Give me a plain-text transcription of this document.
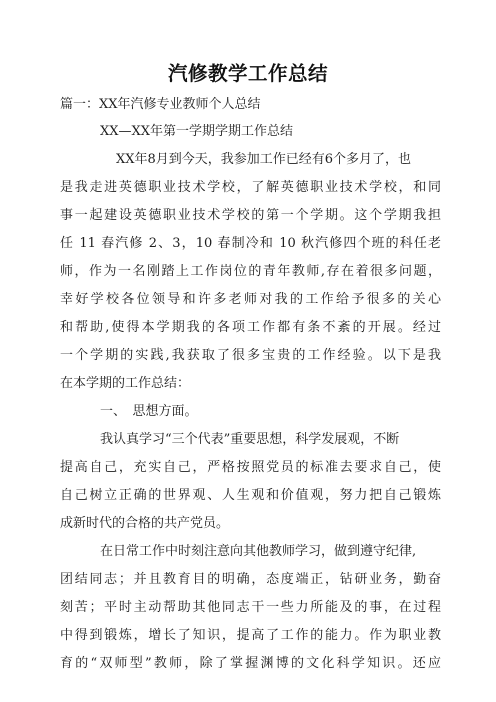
汽修教学工作总结
篇一：XX年汽修专业教师个人总结
XX—XX年第一学期学期工作总结
XX年8月到今天，我参加工作已经有6个多月了，也
是我走进英德职业技术学校，了解英德职业技术学校，和同
事一起建设英德职业技术学校的第一个学期。这个学期我担
任 11 春汽修 2、3，10 春制冷和 10 秋汽修四个班的科任老
师，作为一名刚踏上工作岗位的青年教师,存在着很多问题，
幸好学校各位领导和许多老师对我的工作给予很多的关心
和帮助,使得本学期我的各项工作都有条不紊的开展。经过
一个学期的实践,我获取了很多宝贵的工作经验。以下是我
在本学期的工作总结：
一、　思想方面。
我认真学习“三个代表”重要思想，科学发展观，不断
提高自己，充实自己，严格按照党员的标准去要求自己，使
自己树立正确的世界观、人生观和价值观，努力把自己锻炼
成新时代的合格的共产党员。
在日常工作中时刻注意向其他教师学习，做到遵守纪律,
团结同志；并且教育目的明确，态度端正，钻研业务，勤奋
刻苦；平时主动帮助其他同志干一些力所能及的事，在过程
中得到锻炼，增长了知识，提高了工作的能力。作为职业教
育的“双师型”教师，除了掌握渊博的文化科学知识。还应
